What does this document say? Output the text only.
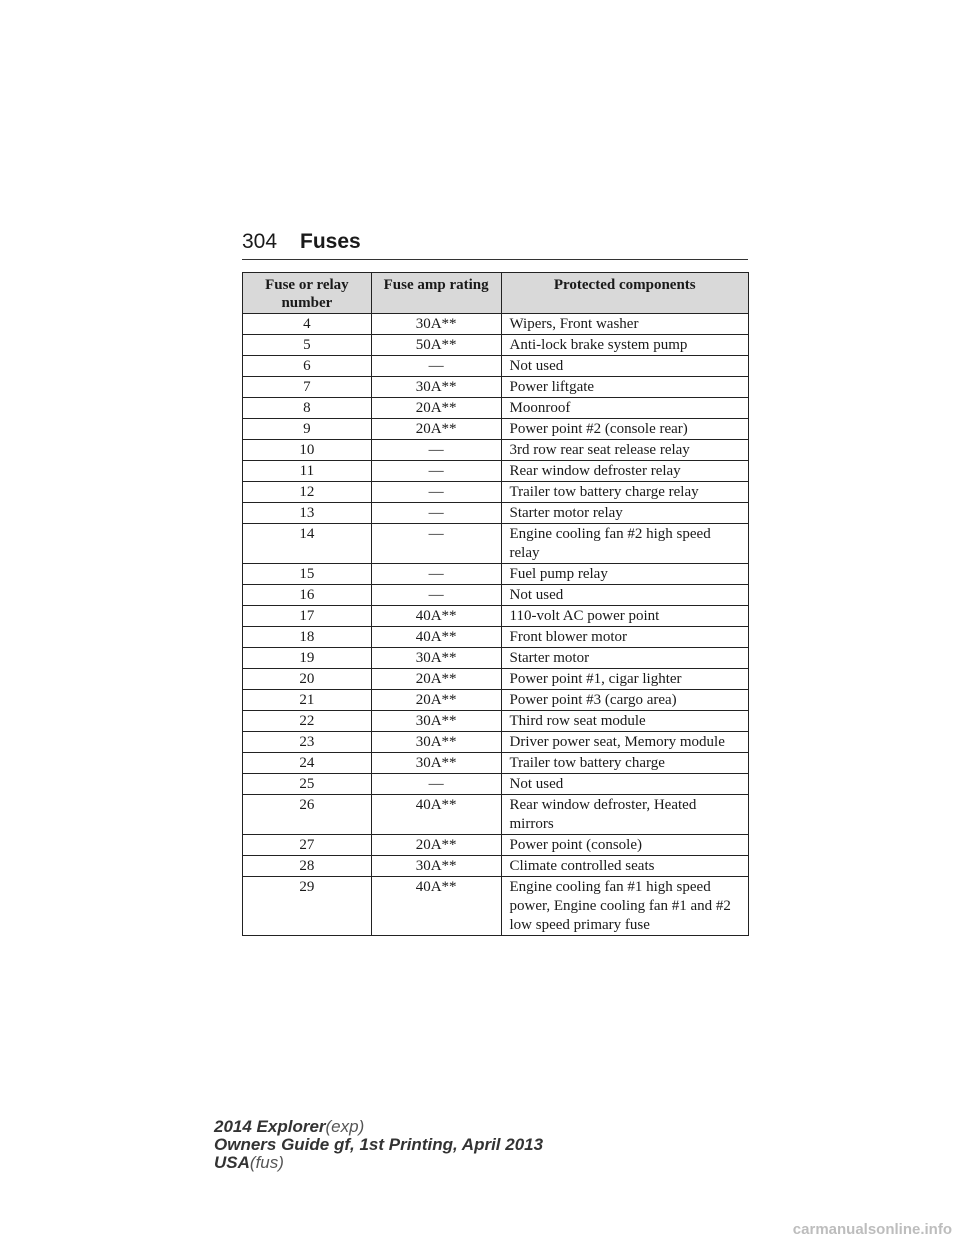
304 Fuses
Fuse or relay number	Fuse amp rating	Protected components
4	30A**	Wipers, Front washer
5	50A**	Anti-lock brake system pump
6	—	Not used
7	30A**	Power liftgate
8	20A**	Moonroof
9	20A**	Power point #2 (console rear)
10	—	3rd row rear seat release relay
11	—	Rear window defroster relay
12	—	Trailer tow battery charge relay
13	—	Starter motor relay
14	—	Engine cooling fan #2 high speed relay
15	—	Fuel pump relay
16	—	Not used
17	40A**	110-volt AC power point
18	40A**	Front blower motor
19	30A**	Starter motor
20	20A**	Power point #1, cigar lighter
21	20A**	Power point #3 (cargo area)
22	30A**	Third row seat module
23	30A**	Driver power seat, Memory module
24	30A**	Trailer tow battery charge
25	—	Not used
26	40A**	Rear window defroster, Heated mirrors
27	20A**	Power point (console)
28	30A**	Climate controlled seats
29	40A**	Engine cooling fan #1 high speed power, Engine cooling fan #1 and #2 low speed primary fuse
2014 Explorer(exp)
Owners Guide gf, 1st Printing, April 2013
USA(fus)
carmanualsonline.info
